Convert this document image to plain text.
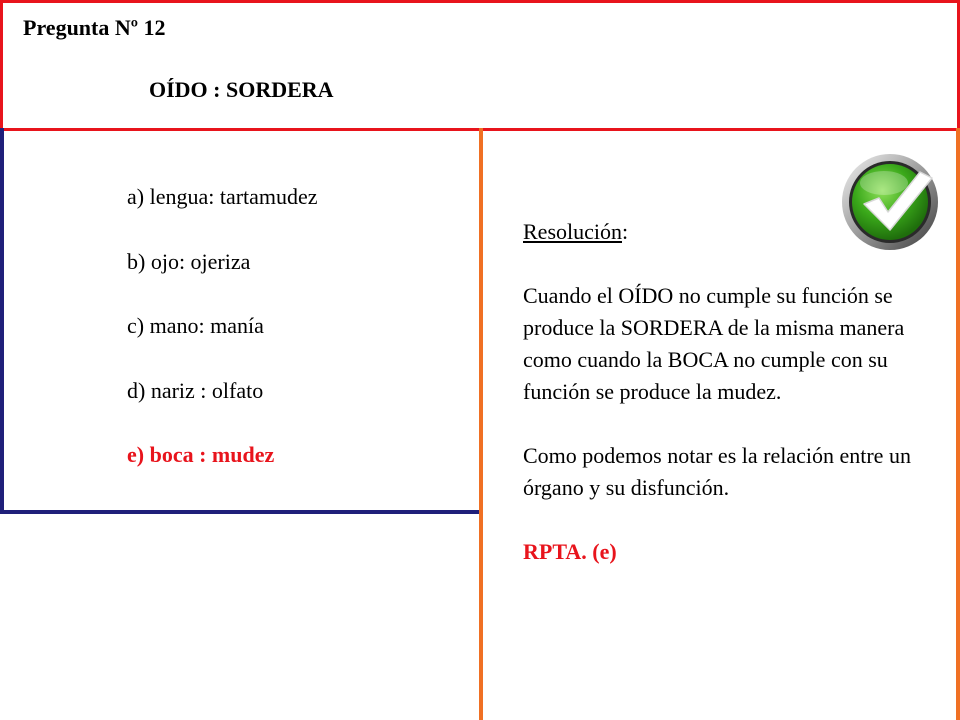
Pregunta Nº 12
OÍDO : SORDERA
a) lengua: tartamudez
b) ojo: ojeriza
c) mano: manía
d) nariz : olfato
e) boca : mudez

Resolución:

Cuando el OÍDO no cumple su función se produce la SORDERA de la misma manera como cuando la BOCA no cumple con su función se produce la mudez.

Como podemos notar es la relación entre un órgano y su disfunción.

RPTA. (e)
